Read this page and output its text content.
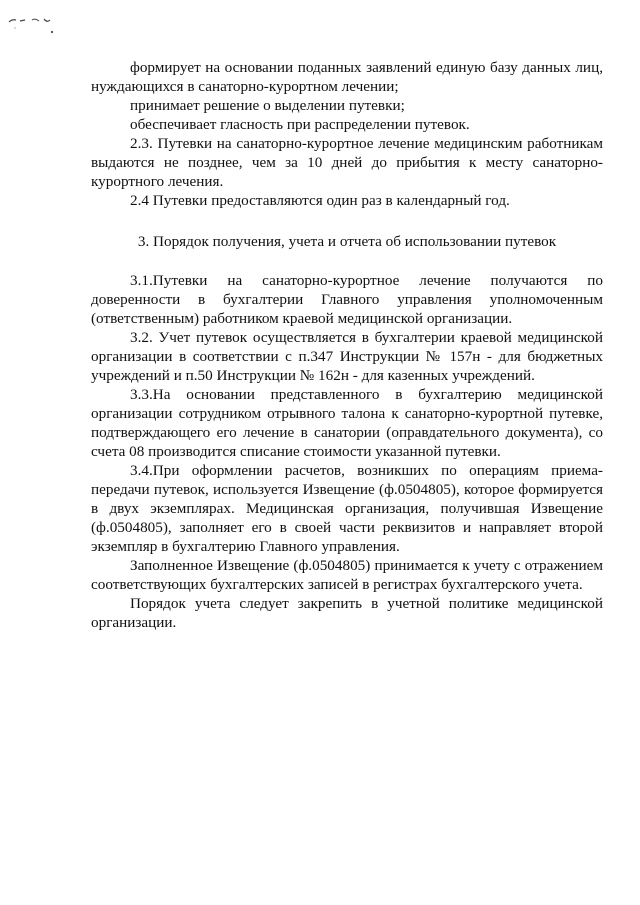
формирует на основании поданных заявлений единую базу данных лиц, нуждающихся в санаторно-курортном лечении;

принимает решение о выделении путевки;

обеспечивает гласность при распределении путевок.

2.3. Путевки на санаторно-курортное лечение медицинским работникам выдаются не позднее, чем за 10 дней до прибытия к месту санаторно-курортного лечения.

2.4 Путевки предоставляются один раз в календарный год.

3. Порядок получения, учета и отчета об использовании путевок

3.1.Путевки на санаторно-курортное лечение получаются по доверенности в бухгалтерии Главного управления уполномоченным (ответственным) работником краевой медицинской организации.

3.2. Учет путевок осуществляется в бухгалтерии краевой медицинской организации в соответствии с п.347 Инструкции № 157н - для бюджетных учреждений и п.50 Инструкции № 162н - для казенных учреждений.

3.3.На основании представленного в бухгалтерию медицинской организации сотрудником отрывного талона к санаторно-курортной путевке, подтверждающего его лечение в санатории (оправдательного документа), со счета 08 производится списание стоимости указанной путевки.

3.4.При оформлении расчетов, возникших по операциям приема-передачи путевок, используется Извещение (ф.0504805), которое формируется в двух экземплярах. Медицинская организация, получившая Извещение (ф.0504805), заполняет его в своей части реквизитов и направляет второй экземпляр в бухгалтерию Главного управления.

Заполненное Извещение (ф.0504805) принимается к учету с отражением соответствующих бухгалтерских записей в регистрах бухгалтерского учета.

Порядок учета следует закрепить в учетной политике медицинской организации.
